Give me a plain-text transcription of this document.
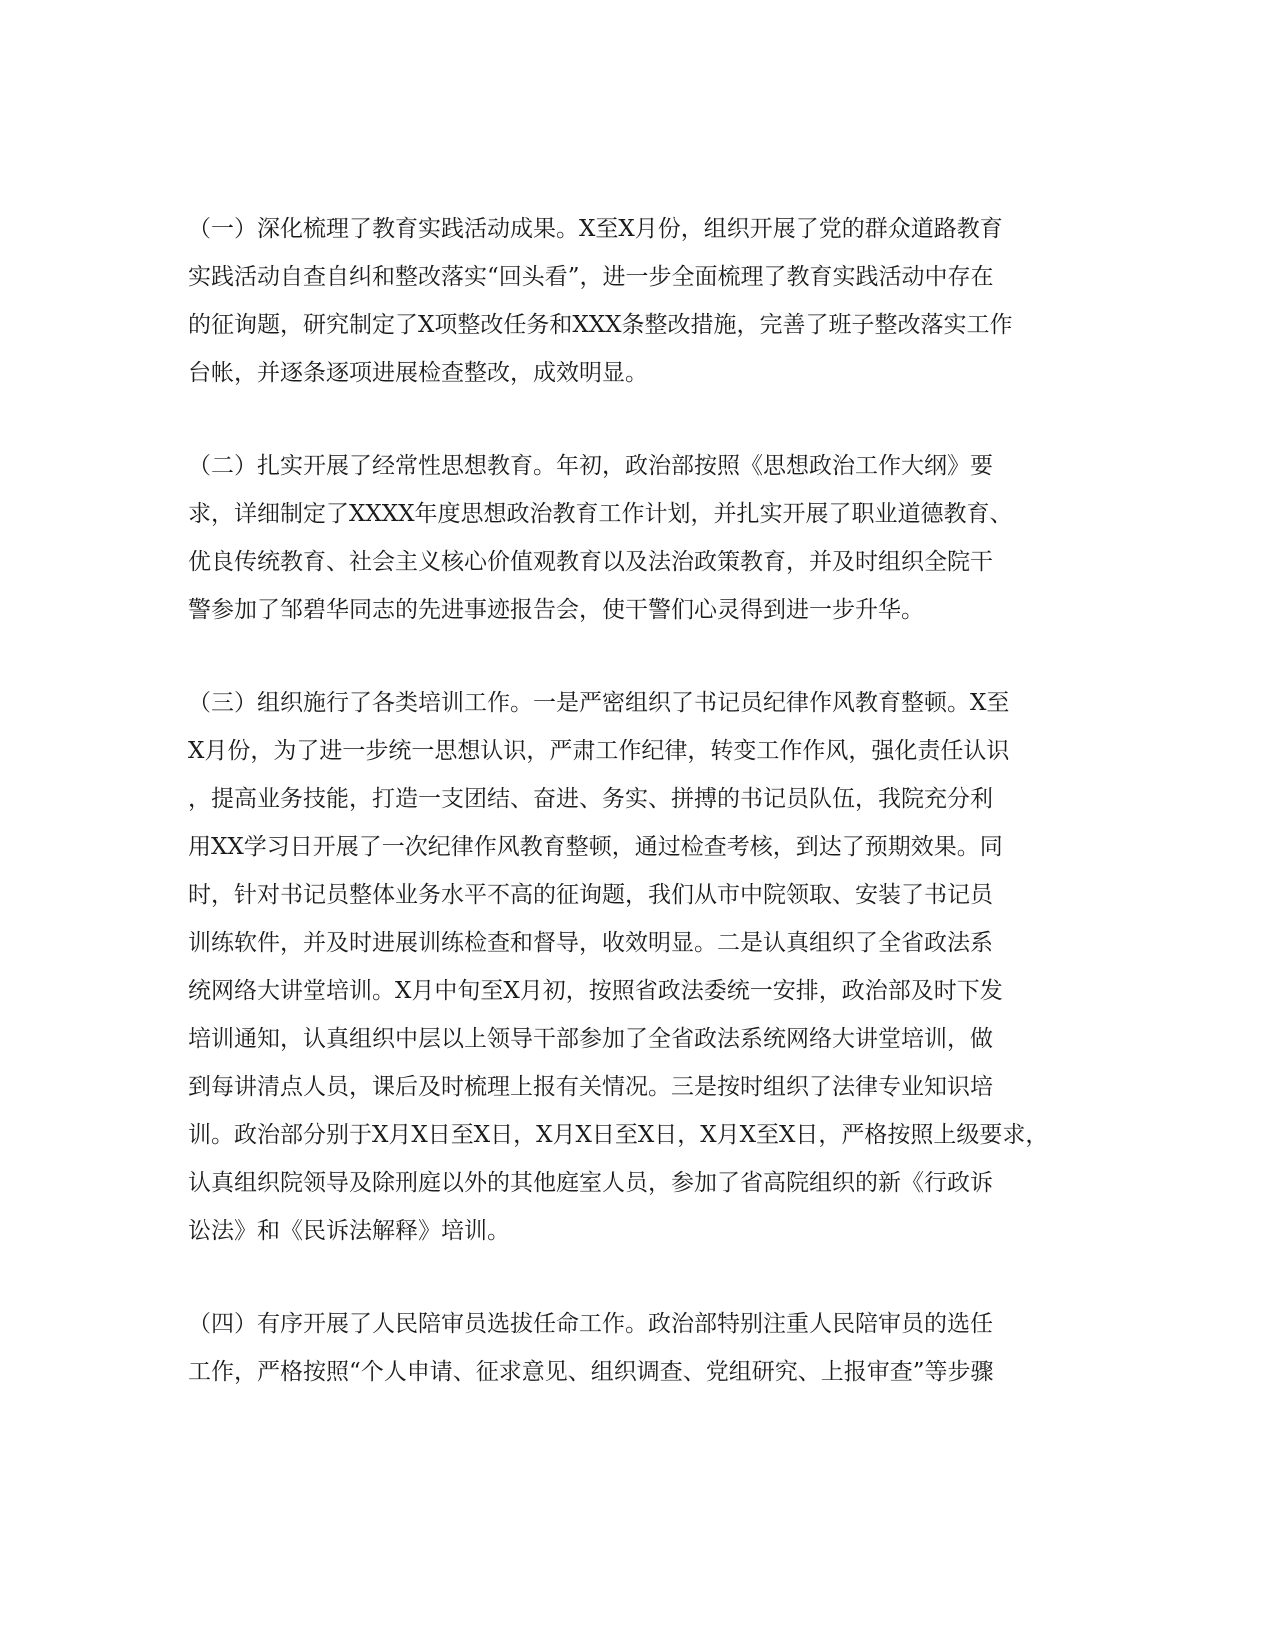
（一）深化梳理了教育实践活动成果。X至X月份，组织开展了党的群众道路教育
实践活动自查自纠和整改落实“回头看”，进一步全面梳理了教育实践活动中存在
的征询题，研究制定了X项整改任务和XXX条整改措施，完善了班子整改落实工作
台帐，并逐条逐项进展检查整改，成效明显。
（二）扎实开展了经常性思想教育。年初，政治部按照《思想政治工作大纲》要
求，详细制定了XXXX年度思想政治教育工作计划，并扎实开展了职业道德教育、
优良传统教育、社会主义核心价值观教育以及法治政策教育，并及时组织全院干
警参加了邹碧华同志的先进事迹报告会，使干警们心灵得到进一步升华。
（三）组织施行了各类培训工作。一是严密组织了书记员纪律作风教育整顿。X至
X月份，为了进一步统一思想认识，严肃工作纪律，转变工作作风，强化责任认识
，提高业务技能，打造一支团结、奋进、务实、拼搏的书记员队伍，我院充分利
用XX学习日开展了一次纪律作风教育整顿，通过检查考核，到达了预期效果。同
时，针对书记员整体业务水平不高的征询题，我们从市中院领取、安装了书记员
训练软件，并及时进展训练检查和督导，收效明显。二是认真组织了全省政法系
统网络大讲堂培训。X月中旬至X月初，按照省政法委统一安排，政治部及时下发
培训通知，认真组织中层以上领导干部参加了全省政法系统网络大讲堂培训，做
到每讲清点人员，课后及时梳理上报有关情况。三是按时组织了法律专业知识培
训。政治部分别于X月X日至X日，X月X日至X日，X月X至X日，严格按照上级要求，
认真组织院领导及除刑庭以外的其他庭室人员，参加了省高院组织的新《行政诉
讼法》和《民诉法解释》培训。
（四）有序开展了人民陪审员选拔任命工作。政治部特别注重人民陪审员的选任
工作，严格按照“个人申请、征求意见、组织调查、党组研究、上报审查”等步骤
